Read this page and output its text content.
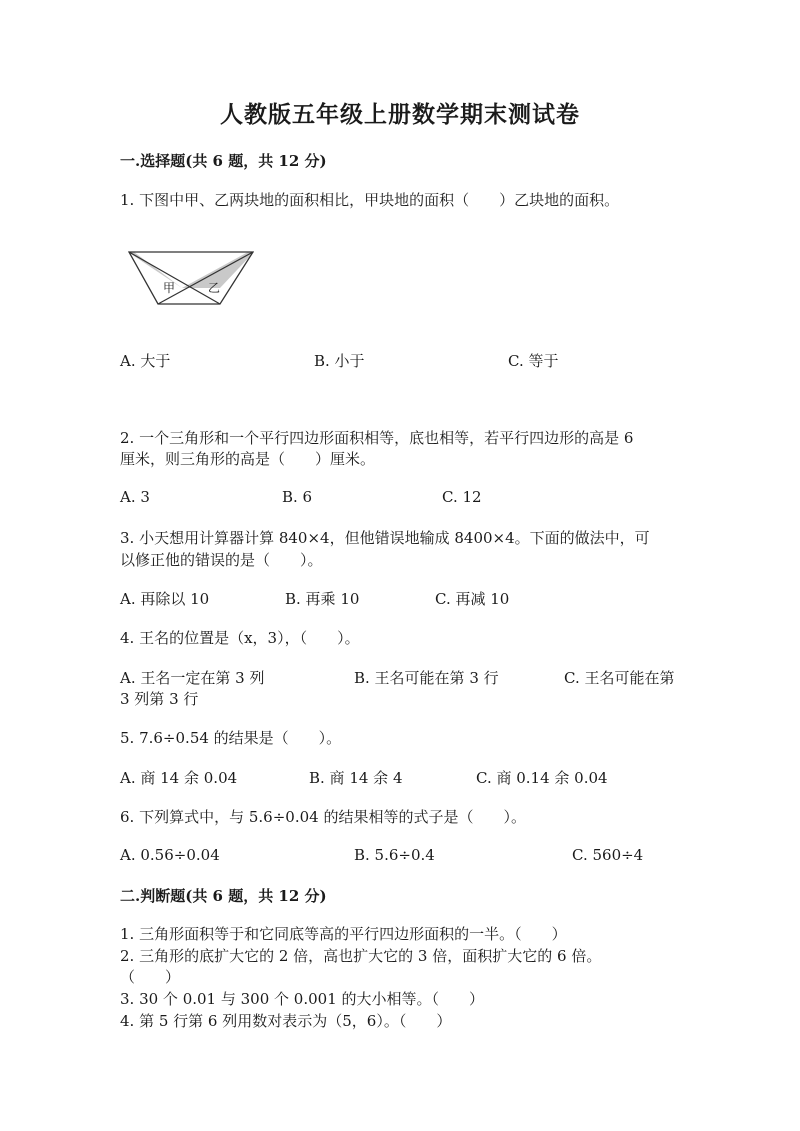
人教版五年级上册数学期末测试卷
一.选择题(共 6 题，共 12 分)
1. 下图中甲、乙两块地的面积相比，甲块地的面积（　　）乙块地的面积。
甲	乙
A. 大于	B. 小于	C. 等于
2. 一个三角形和一个平行四边形面积相等，底也相等，若平行四边形的高是 6
厘米，则三角形的高是（　　）厘米。
A. 3	B. 6	C. 12
3. 小天想用计算器计算 840×4，但他错误地输成 8400×4。下面的做法中，可
以修正他的错误的是（　　）。
A. 再除以 10	B. 再乘 10	C. 再减 10
4. 王名的位置是（x，3），（　　）。
A. 王名一定在第 3 列	B. 王名可能在第 3 行	C. 王名可能在第
3 列第 3 行
5. 7.6÷0.54 的结果是（　　）。
A. 商 14 余 0.04	B. 商 14 余 4	C. 商 0.14 余 0.04
6. 下列算式中，与 5.6÷0.04 的结果相等的式子是（　　）。
A. 0.56÷0.04	B. 5.6÷0.4	C. 560÷4
二.判断题(共 6 题，共 12 分)
1. 三角形面积等于和它同底等高的平行四边形面积的一半。（　　）
2. 三角形的底扩大它的 2 倍，高也扩大它的 3 倍，面积扩大它的 6 倍。
（　　）
3. 30 个 0.01 与 300 个 0.001 的大小相等。（　　）
4. 第 5 行第 6 列用数对表示为（5，6）。（　　）
